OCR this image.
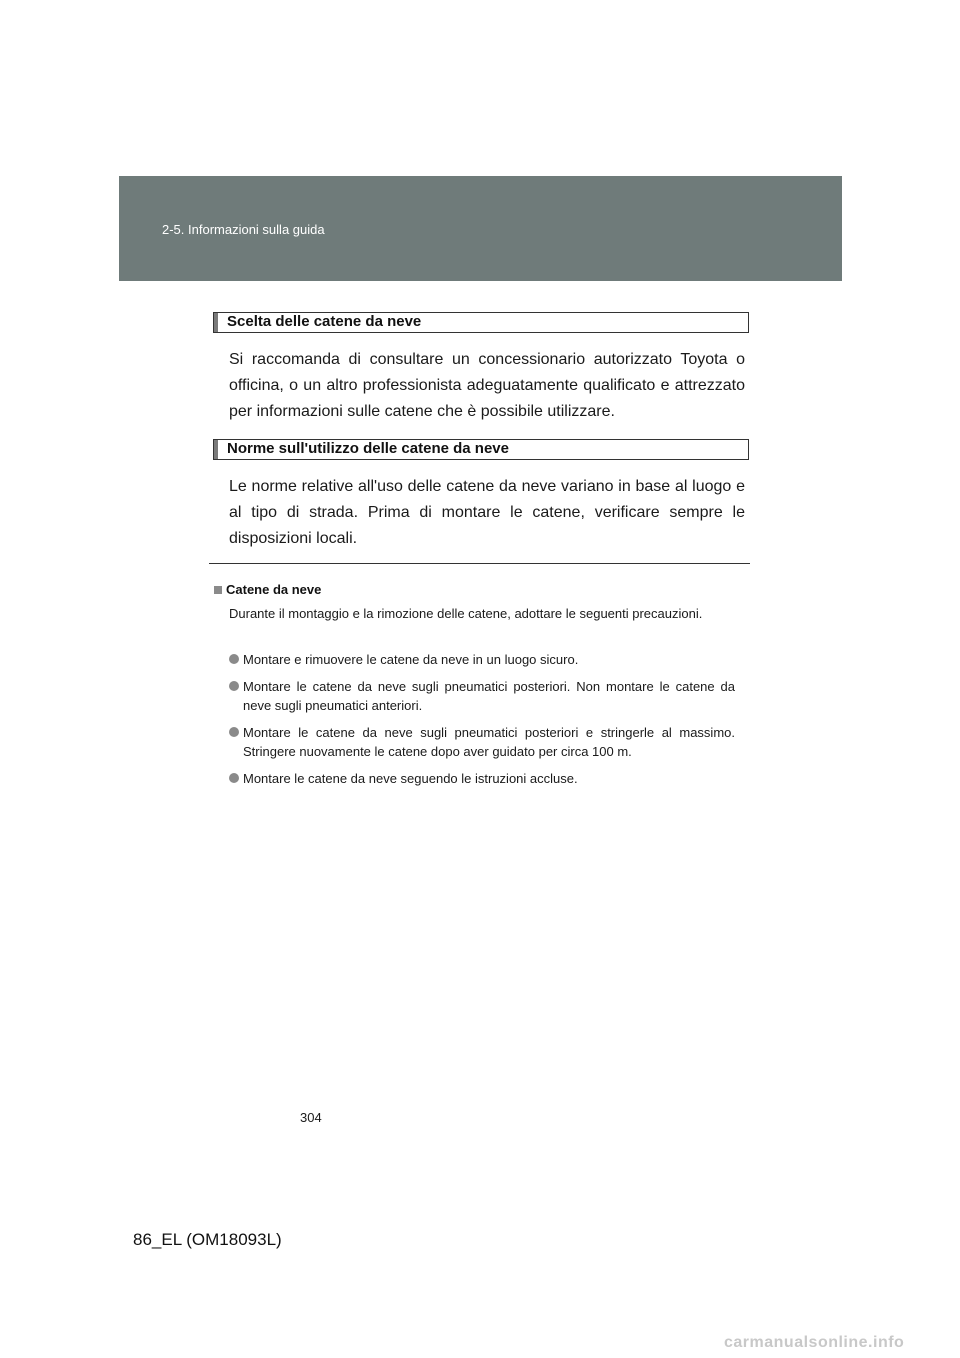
2-5. Informazioni sulla guida
Scelta delle catene da neve

Si raccomanda di consultare un concessionario autorizzato Toyota o officina, o un altro professionista adeguatamente qualificato e attrezzato per informazioni sulle catene che è possibile utilizzare.

Norme sull'utilizzo delle catene da neve

Le norme relative all'uso delle catene da neve variano in base al luogo e al tipo di strada. Prima di montare le catene, verificare sempre le disposizioni locali.

Catene da neve

Durante il montaggio e la rimozione delle catene, adottare le seguenti precauzioni.

Montare e rimuovere le catene da neve in un luogo sicuro.
Montare le catene da neve sugli pneumatici posteriori. Non montare le catene da neve sugli pneumatici anteriori.
Montare le catene da neve sugli pneumatici posteriori e stringerle al massimo. Stringere nuovamente le catene dopo aver guidato per circa 100 m.
Montare le catene da neve seguendo le istruzioni accluse.
304
86_EL (OM18093L)
carmanualsonline.info
